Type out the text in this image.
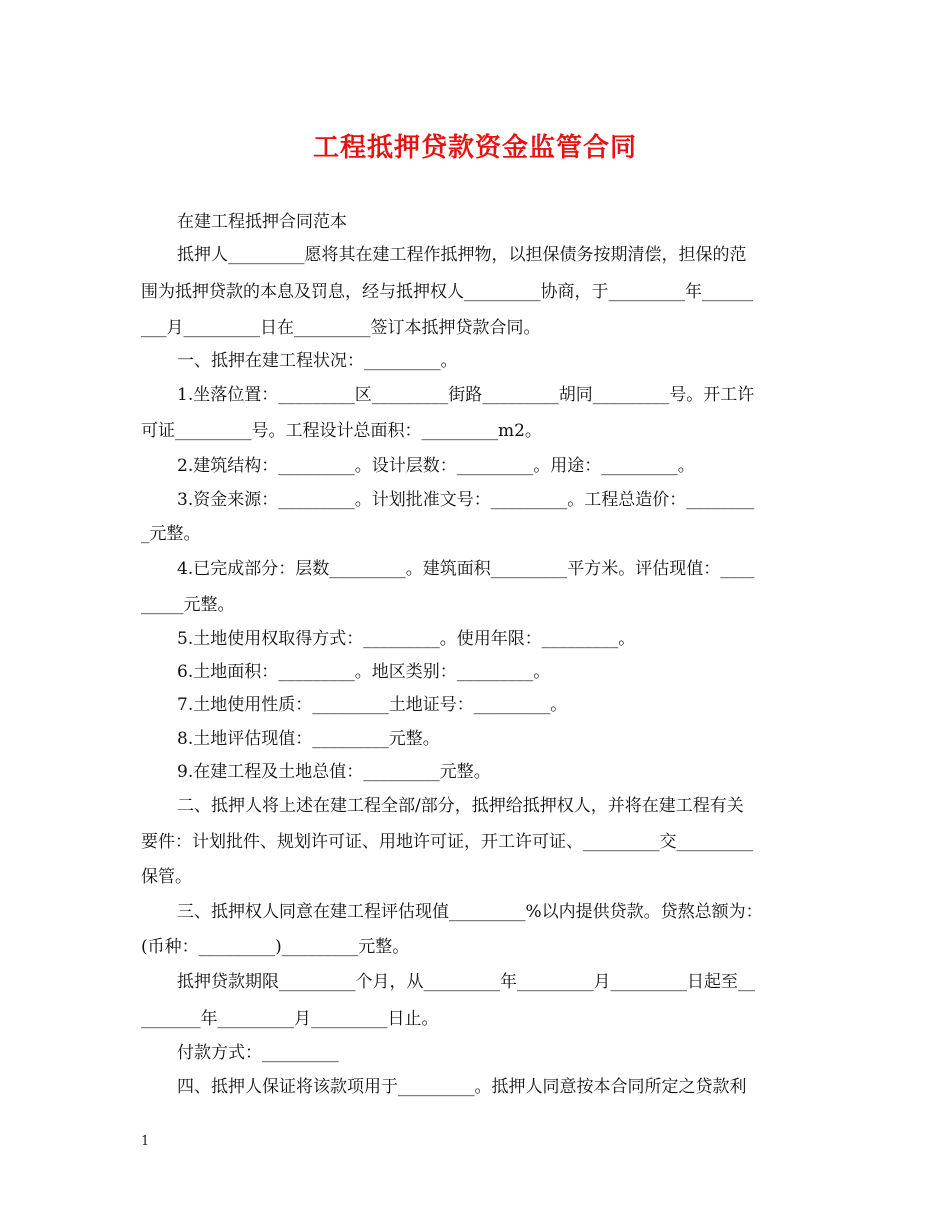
工程抵押贷款资金监管合同
在建工程抵押合同范本
抵押人_________愿将其在建工程作抵押物，以担保债务按期清偿，担保的范
围为抵押贷款的本息及罚息，经与抵押权人_________协商，于_________年______
___月_________日在_________签订本抵押贷款合同。
一、抵押在建工程状况：_________。
1.坐落位置：_________区_________街路_________胡同_________号。开工许
可证_________号。工程设计总面积：_________m2。
2.建筑结构：_________。设计层数：_________。用途：_________。
3.资金来源：_________。计划批准文号：_________。工程总造价：________
_元整。
4.已完成部分：层数_________。建筑面积_________平方米。评估现值：____
_____元整。
5.土地使用权取得方式：_________。使用年限：_________。
6.土地面积：_________。地区类别：_________。
7.土地使用性质：_________土地证号：_________。
8.土地评估现值：_________元整。
9.在建工程及土地总值：_________元整。
二、抵押人将上述在建工程全部/部分，抵押给抵押权人，并将在建工程有关
要件：计划批件、规划许可证、用地许可证，开工许可证、_________交_________
保管。
三、抵押权人同意在建工程评估现值_________%以内提供贷款。贷熬总额为：
(币种：_________)_________元整。
抵押贷款期限_________个月，从_________年_________月_________日起至__
_______年_________月_________日止。
付款方式：_________
四、抵押人保证将该款项用于_________。抵押人同意按本合同所定之贷款利
1
